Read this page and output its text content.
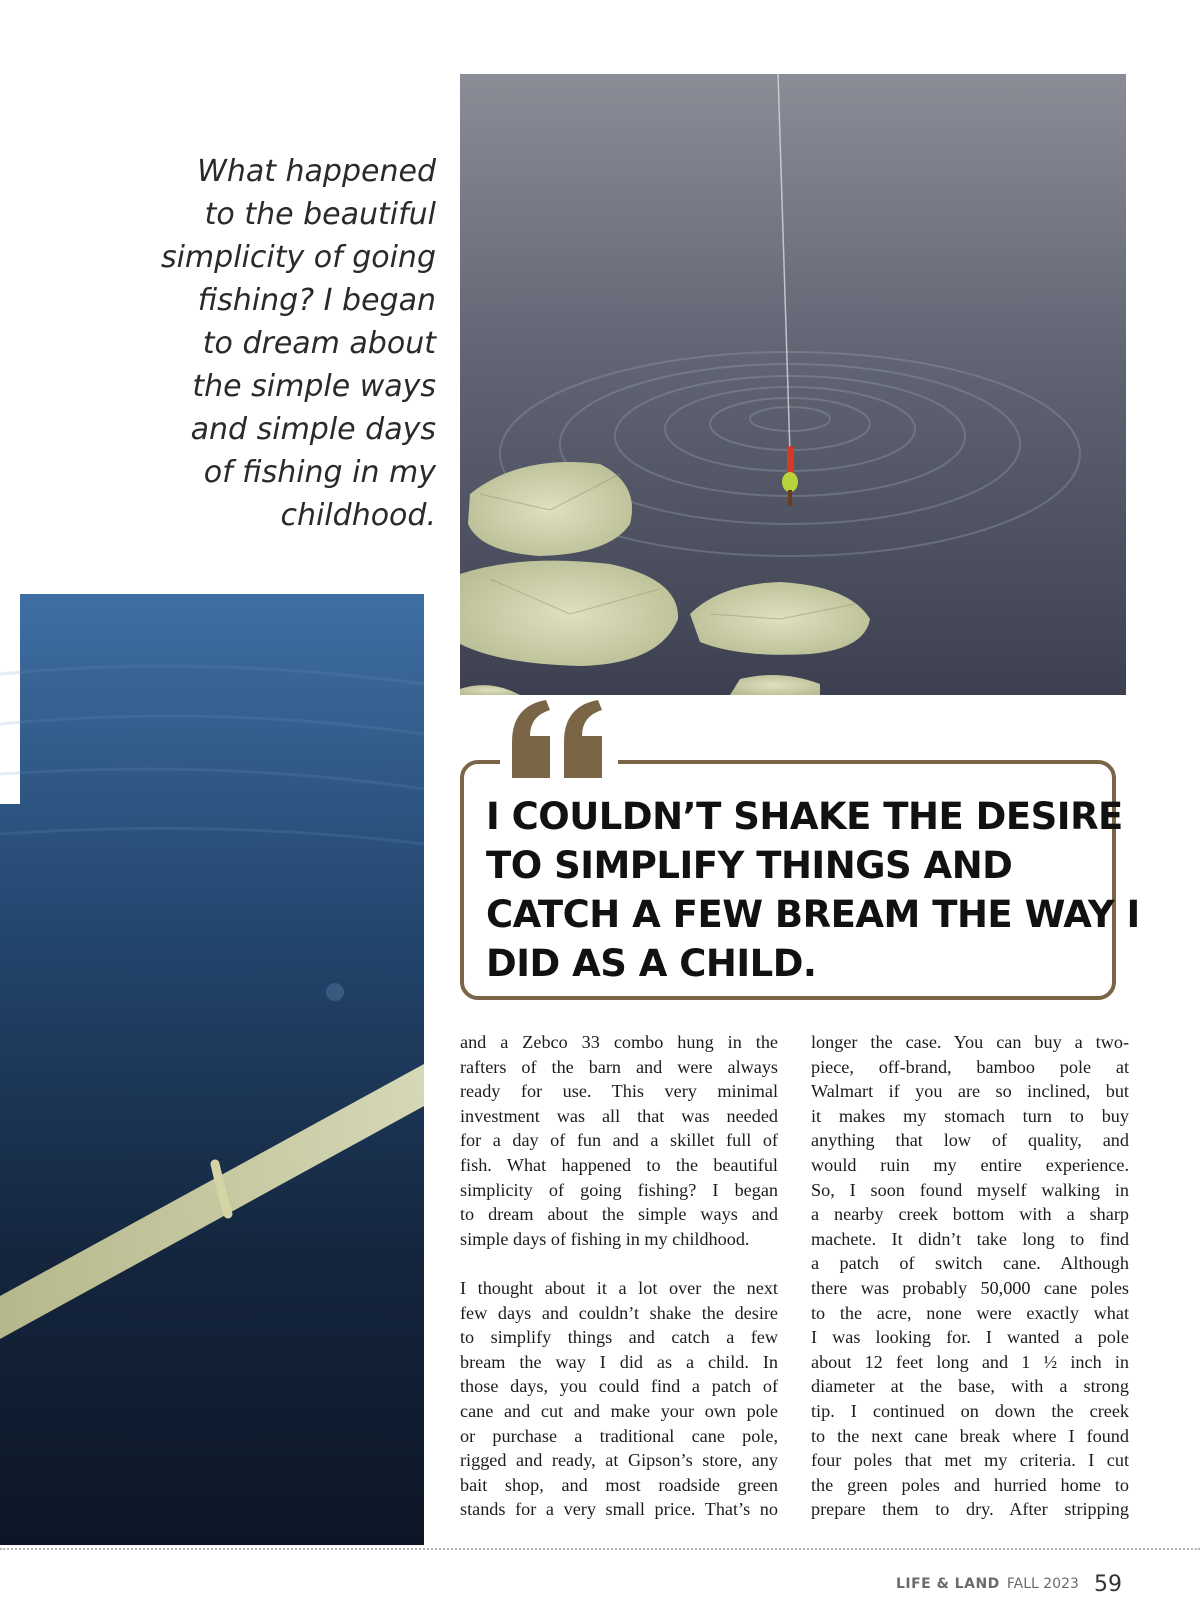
What happened
to the beautiful
simplicity of going
fishing? I began
to dream about
the simple ways
and simple days
of fishing in my
childhood.
I COULDN’T SHAKE THE DESIRE
TO SIMPLIFY THINGS AND
CATCH A FEW BREAM THE WAY I
DID AS A CHILD.
and a Zebco 33 combo hung in the
rafters of the barn and were always
ready for use. This very minimal
investment was all that was needed
for a day of fun and a skillet full of
fish. What happened to the beautiful
simplicity of going fishing? I began
to dream about the simple ways and
simple days of fishing in my childhood.
I thought about it a lot over the next
few days and couldn’t shake the desire
to simplify things and catch a few
bream the way I did as a child. In
those days, you could find a patch of
cane and cut and make your own pole
or purchase a traditional cane pole,
rigged and ready, at Gipson’s store, any
bait shop, and most roadside green
stands for a very small price. That’s no
longer the case. You can buy a two-
piece, off-brand, bamboo pole at
Walmart if you are so inclined, but
it makes my stomach turn to buy
anything that low of quality, and
would ruin my entire experience.
So, I soon found myself walking in
a nearby creek bottom with a sharp
machete. It didn’t take long to find
a patch of switch cane. Although
there was probably 50,000 cane poles
to the acre, none were exactly what
I was looking for. I wanted a pole
about 12 feet long and 1 ½ inch in
diameter at the base, with a strong
tip. I continued on down the creek
to the next cane break where I found
four poles that met my criteria. I cut
the green poles and hurried home to
prepare them to dry. After stripping
LIFE & LAND FALL 2023 59
